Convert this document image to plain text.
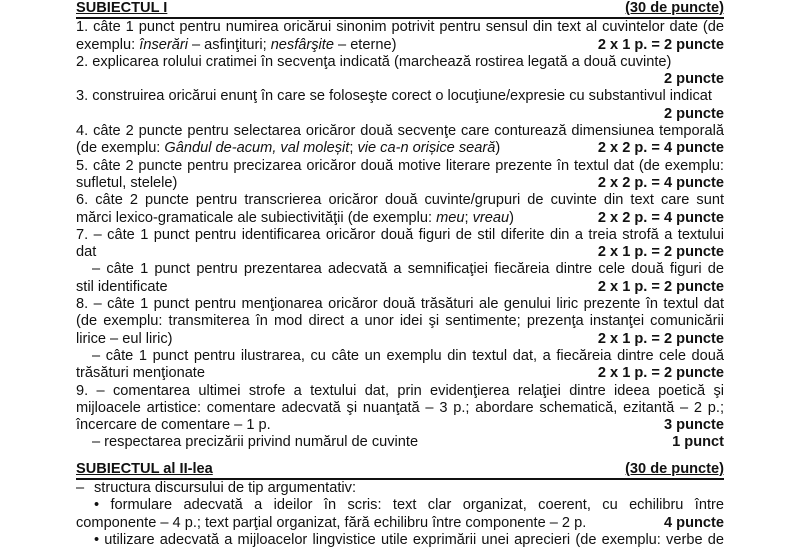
SUBIECTUL I	(30 de puncte)
1. câte 1 punct pentru numirea oricărui sinonim potrivit pentru sensul din text al cuvintelor date (de
exemplu: înserări – asfinţituri; nesfârşite – eterne)	2 x 1 p. = 2 puncte
2. explicarea rolului cratimei în secvenţa indicată (marchează rostirea legată a două cuvinte)
2 puncte
3. construirea oricărui enunţ în care se foloseşte corect o locuţiune/expresie cu substantivul indicat
2 puncte
4. câte 2 puncte pentru selectarea oricăror două secvenţe care conturează dimensiunea temporală
(de exemplu: Gândul de-acum, val moleșit; vie ca-n orișice seară)	2 x 2 p. = 4 puncte
5. câte 2 puncte pentru precizarea oricăror două motive literare prezente în textul dat (de exemplu:
sufletul, stelele)	2 x 2 p. = 4 puncte
6. câte 2 puncte pentru transcrierea oricăror două cuvinte/grupuri de cuvinte din text care sunt
mărci lexico-gramaticale ale subiectivităţii (de exemplu: meu; vreau)	2 x 2 p. = 4 puncte
7. – câte 1 punct pentru identificarea oricăror două figuri de stil diferite din a treia strofă a textului
dat	2 x 1 p. = 2 puncte
– câte 1 punct pentru prezentarea adecvată a semnificaţiei fiecăreia dintre cele două figuri de
stil identificate	2 x 1 p. = 2 puncte
8. – câte 1 punct pentru menţionarea oricăror două trăsături ale genului liric prezente în textul dat
(de exemplu: transmiterea în mod direct a unor idei şi sentimente; prezenţa instanţei comunicării
lirice – eul liric)	2 x 1 p. = 2 puncte
– câte 1 punct pentru ilustrarea, cu câte un exemplu din textul dat, a fiecăreia dintre cele două
trăsături menţionate	2 x 1 p. = 2 puncte
9. – comentarea ultimei strofe a textului dat, prin evidenţierea relaţiei dintre ideea poetică şi
mijloacele artistice: comentare adecvată şi nuanţată – 3 p.; abordare schematică, ezitantă – 2 p.;
încercare de comentare – 1 p.	3 puncte
– respectarea precizării privind numărul de cuvinte	1 punct
SUBIECTUL al II-lea	(30 de puncte)
– structura discursului de tip argumentativ:
• formulare adecvată a ideilor în scris: text clar organizat, coerent, cu echilibru între
componente – 4 p.; text parţial organizat, fără echilibru între componente – 2 p.	4 puncte
• utilizare adecvată a mijloacelor lingvistice utile exprimării unei aprecieri (de exemplu: verbe de
